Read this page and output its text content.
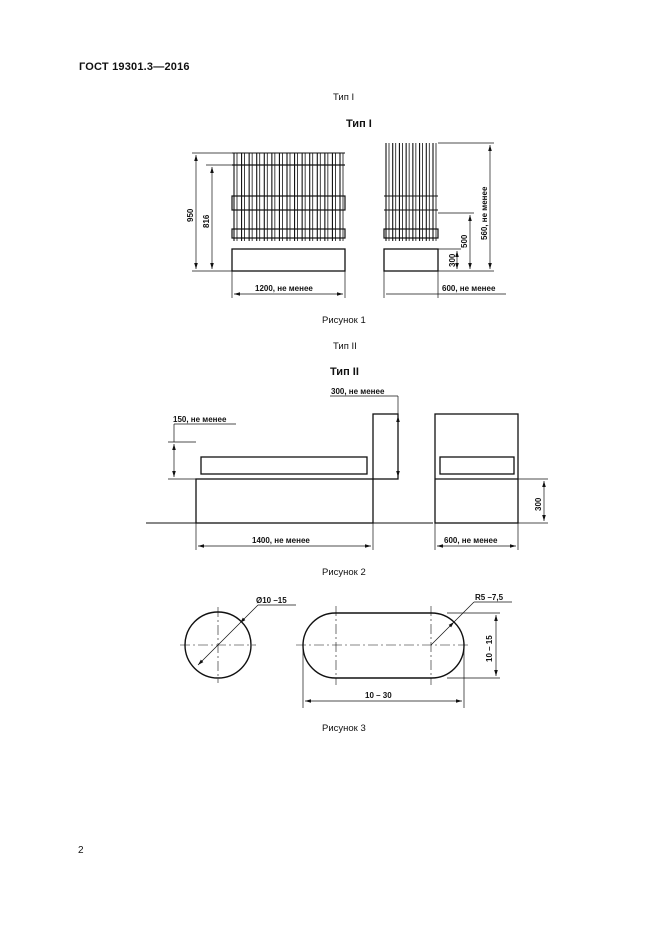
ГОСТ 19301.3—2016
Тип I
Тип I
Рисунок 1
Тип II
Тип II
Рисунок 2
Рисунок 3
2
950 816
1200, не менее
560, не менее
500
300
600, не менее
150, не менее
300, не менее
300
1400, не менее	600, не менее
Ø10 –15	R5 –7,5
10 – 15
10 – 30
